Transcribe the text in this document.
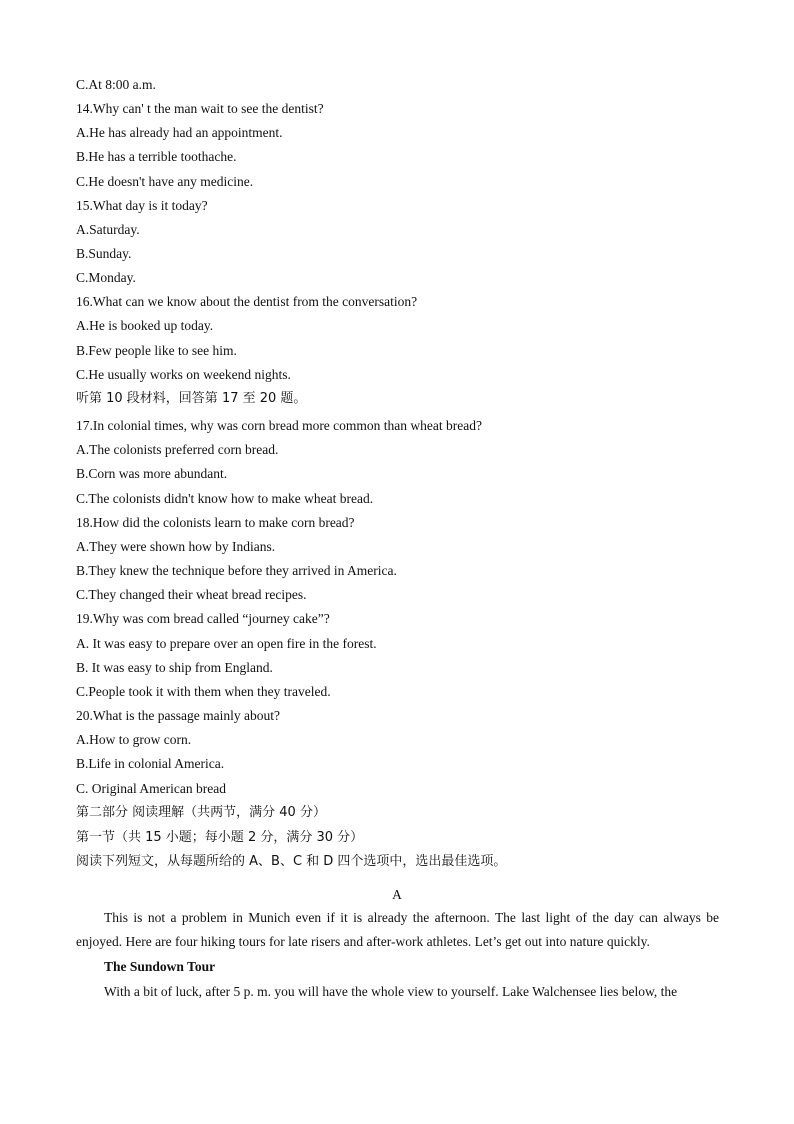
C.At 8:00 a.m.
14.Why can' t the man wait to see the dentist?
A.He has already had an appointment.
B.He has a terrible toothache.
C.He doesn't have any medicine.
15.What day is it today?
A.Saturday.
B.Sunday.
C.Monday.
16.What can we know about the dentist from the conversation?
A.He is booked up today.
B.Few people like to see him.
C.He usually works on weekend nights.
听第 10 段材料，回答第 17 至 20 题。
17.In colonial times, why was corn bread more common than wheat bread?
A.The colonists preferred corn bread.
B.Corn was more abundant.
C.The colonists didn't know how to make wheat bread.
18.How did the colonists learn to make corn bread?
A.They were shown how by Indians.
B.They knew the technique before they arrived in America.
C.They changed their wheat bread recipes.
19.Why was com bread called “journey cake”?
A. It was easy to prepare over an open fire in the forest.
B. It was easy to ship from England.
C.People took it with them when they traveled.
20.What is the passage mainly about?
A.How to grow corn.
B.Life in colonial America.
C. Original American bread
第二部分 阅读理解（共两节，满分 40 分）
第一节（共 15 小题；每小题 2 分，满分 30 分）
阅读下列短文，从每题所给的 A、B、C 和 D 四个选项中，选出最佳选项。
A
This is not a problem in Munich even if it is already the afternoon. The last light of the day can always be enjoyed. Here are four hiking tours for late risers and after-work athletes. Let’s get out into nature quickly.
The Sundown Tour
With a bit of luck, after 5 p. m. you will have the whole view to yourself. Lake Walchensee lies below, the
